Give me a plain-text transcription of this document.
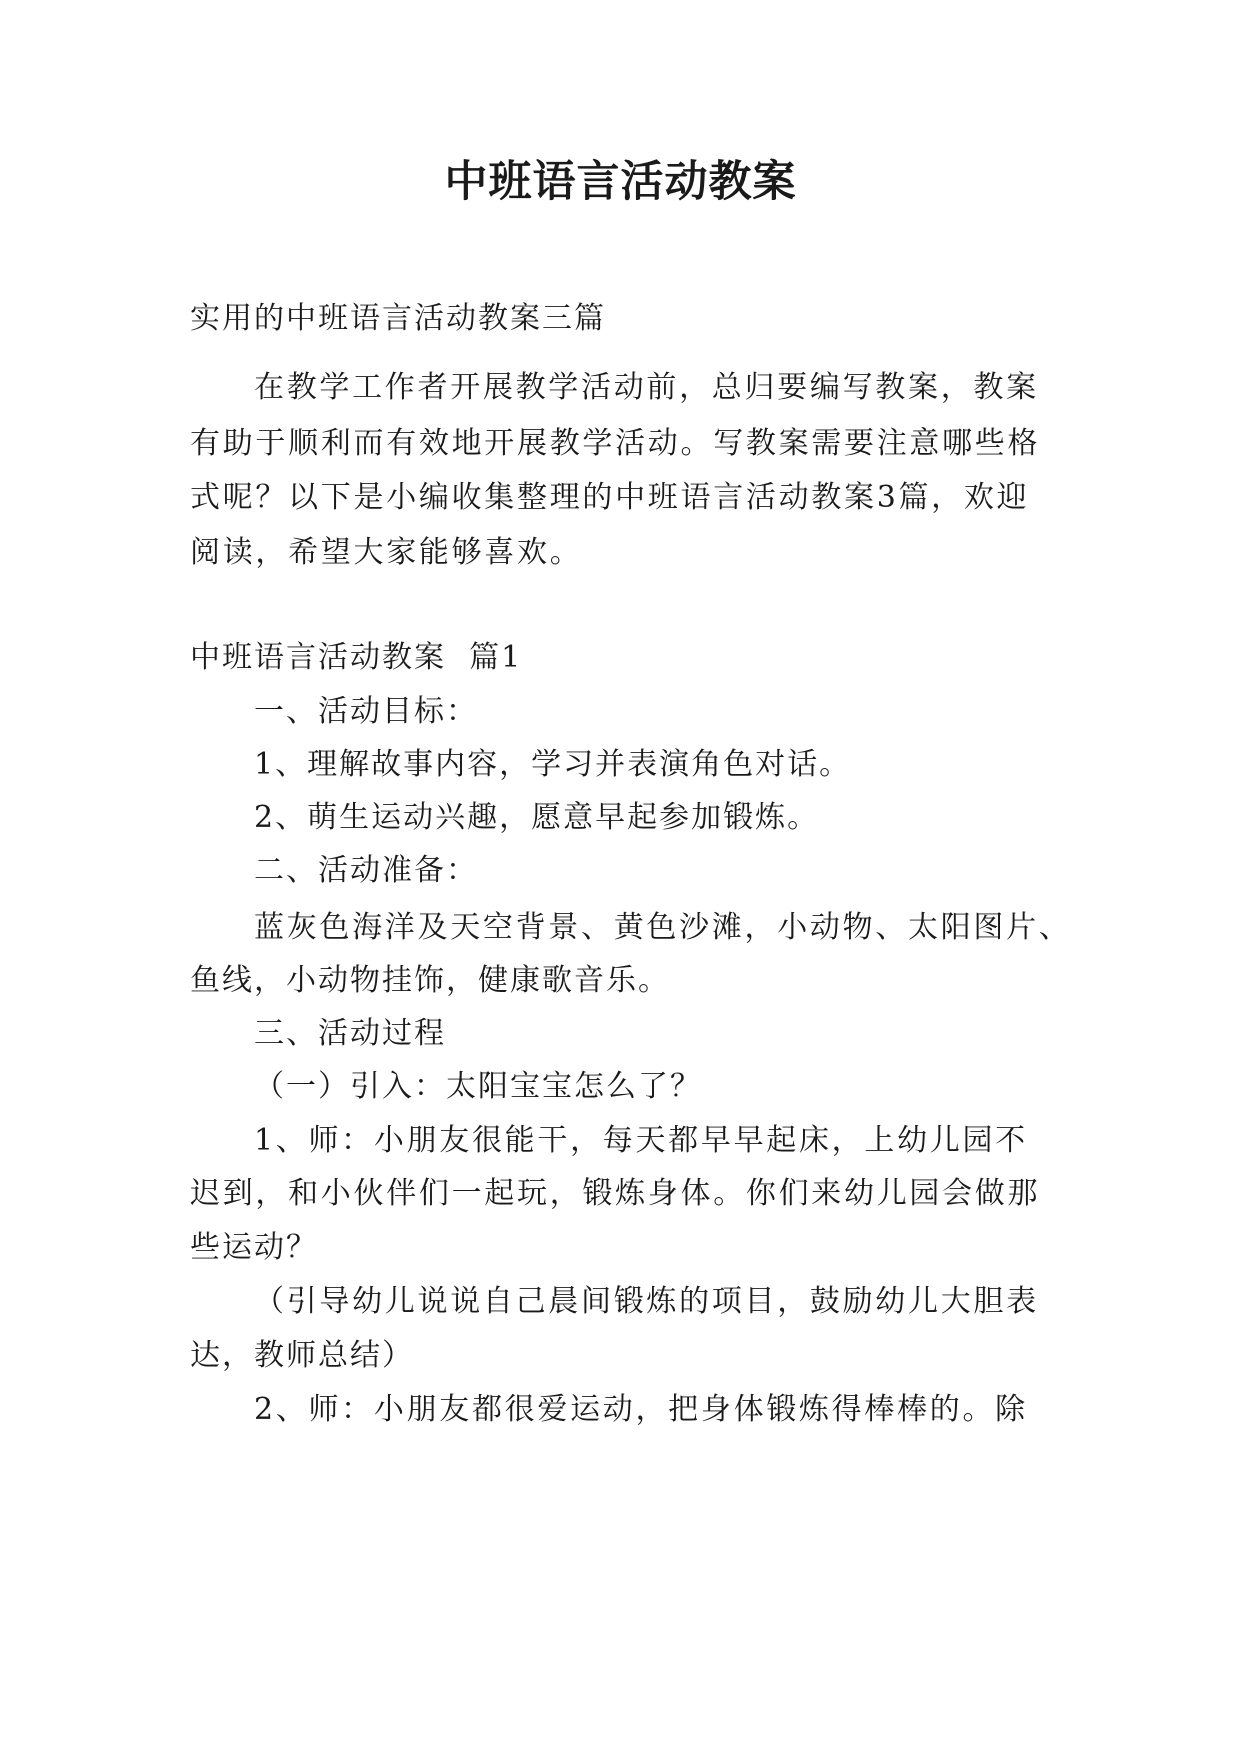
中班语言活动教案

实用的中班语言活动教案三篇

在教学工作者开展教学活动前，总归要编写教案，教案

有助于顺利而有效地开展教学活动。写教案需要注意哪些格

式呢？以下是小编收集整理的中班语言活动教案3篇，欢迎

阅读，希望大家能够喜欢。

中班语言活动教案  篇1

一、活动目标：

1、理解故事内容，学习并表演角色对话。

2、萌生运动兴趣，愿意早起参加锻炼。

二、活动准备：

蓝灰色海洋及天空背景、黄色沙滩，小动物、太阳图片、

鱼线，小动物挂饰，健康歌音乐。

三、活动过程

（一）引入：太阳宝宝怎么了？

1、师：小朋友很能干，每天都早早起床，上幼儿园不

迟到，和小伙伴们一起玩，锻炼身体。你们来幼儿园会做那

些运动？

（引导幼儿说说自己晨间锻炼的项目，鼓励幼儿大胆表

达，教师总结）

2、师：小朋友都很爱运动，把身体锻炼得棒棒的。除
